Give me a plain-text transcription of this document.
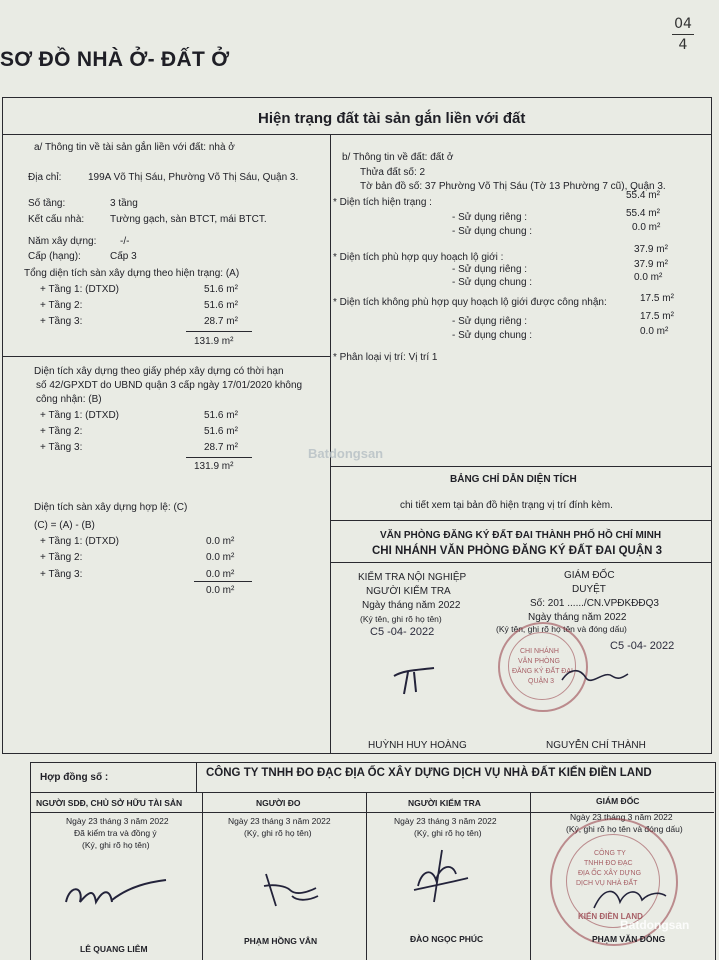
SƠ ĐỒ NHÀ Ở- ĐẤT Ở
04
4
Hiện trạng đất tài sản gắn liền với đất
a/ Thông tin về tài sản gắn liền với đất: nhà ở
Địa chỉ:	199A Võ Thị Sáu, Phường Võ Thị Sáu, Quận 3.
Số tầng:	3 tầng
Kết cấu nhà:	Tường gạch, sàn BTCT, mái BTCT.
Năm xây dựng: -/-
Cấp (hạng):	Cấp 3
Tổng diện tích sàn xây dựng theo hiện trạng: (A)
+ Tầng 1: (DTXD)	51.6 m²
+ Tầng 2:	51.6 m²
+ Tầng 3:	28.7 m²
131.9 m²
Diện tích xây dựng theo giấy phép xây dựng có thời hạn
số 42/GPXDT do UBND quận 3 cấp ngày 17/01/2020 không
công nhận: (B)
+ Tầng 1: (DTXD)	51.6 m²
+ Tầng 2:	51.6 m²
+ Tầng 3:	28.7 m²
131.9 m²
Diện tích sàn xây dựng hợp lệ: (C)
(C) = (A) - (B)
+ Tầng 1: (DTXD)	0.0 m²
+ Tầng 2:	0.0 m²
+ Tầng 3:	0.0 m²
0.0 m²
b/ Thông tin về đất: đất ở
Thửa đất số: 2
Tờ bản đồ số: 37 Phường Võ Thị Sáu (Tờ 13 Phường 7 cũ), Quận 3.
* Diện tích hiện trạng :
55.4 m²
- Sử dụng riêng :	55.4 m²
- Sử dụng chung :	0.0 m²
* Diện tích phù hợp quy hoạch lộ giới :
37.9 m²
- Sử dụng riêng :	37.9 m²
- Sử dụng chung :	0.0 m²
* Diện tích không phù hợp quy hoạch lộ giới được công nhận:	17.5 m²
- Sử dụng riêng :	17.5 m²
- Sử dụng chung :	0.0 m²
* Phân loại vị trí: Vị trí 1
BẢNG CHỈ DẪN DIỆN TÍCH
chi tiết xem tại bản đồ hiện trạng vị trí đính kèm.
VĂN PHÒNG ĐĂNG KÝ ĐẤT ĐAI THÀNH PHỐ HỒ CHÍ MINH
CHI NHÁNH VĂN PHÒNG ĐĂNG KÝ ĐẤT ĐAI QUẬN 3
KIỂM TRA NỘI NGHIỆP
NGƯỜI KIỂM TRA
Ngày tháng năm 2022
(Ký tên, ghi rõ họ tên)
C5 -04- 2022
HUỲNH HUY HOÀNG
GIÁM ĐỐC
DUYỆT
Số: 201 ....../CN.VPĐKĐĐQ3
Ngày tháng năm 2022
(Ký tên, ghi rõ họ tên và đóng dấu)
C5 -04- 2022
CHI NHÁNH
VĂN PHÒNG
ĐĂNG KÝ ĐẤT ĐAI
QUẬN 3
NGUYỄN CHÍ THÀNH
Hợp đồng số :	CÔNG TY TNHH ĐO ĐẠC ĐỊA ỐC XÂY DỰNG DỊCH VỤ NHÀ ĐẤT KIẾN ĐIỀN LAND
NGƯỜI SDĐ, CHỦ SỞ HỮU TÀI SẢN
Ngày 23 tháng 3 năm 2022
Đã kiểm tra và đồng ý
(Ký, ghi rõ họ tên)
LÊ QUANG LIÊM
NGƯỜI ĐO
Ngày 23 tháng 3 năm 2022
(Ký, ghi rõ họ tên)
PHẠM HỒNG VÂN
NGƯỜI KIỂM TRA
Ngày 23 tháng 3 năm 2022
(Ký, ghi rõ họ tên)
ĐÀO NGỌC PHÚC
GIÁM ĐỐC
Ngày 23 tháng 3 năm 2022
(Ký, ghi rõ họ tên và đóng dấu)
CÔNG TY
TNHH ĐO ĐẠC
ĐỊA ỐC XÂY DỰNG
DỊCH VỤ NHÀ ĐẤT
KIẾN ĐIỀN LAND
PHẠM VĂN ĐÔNG
Batdongsan
Batdongsan
